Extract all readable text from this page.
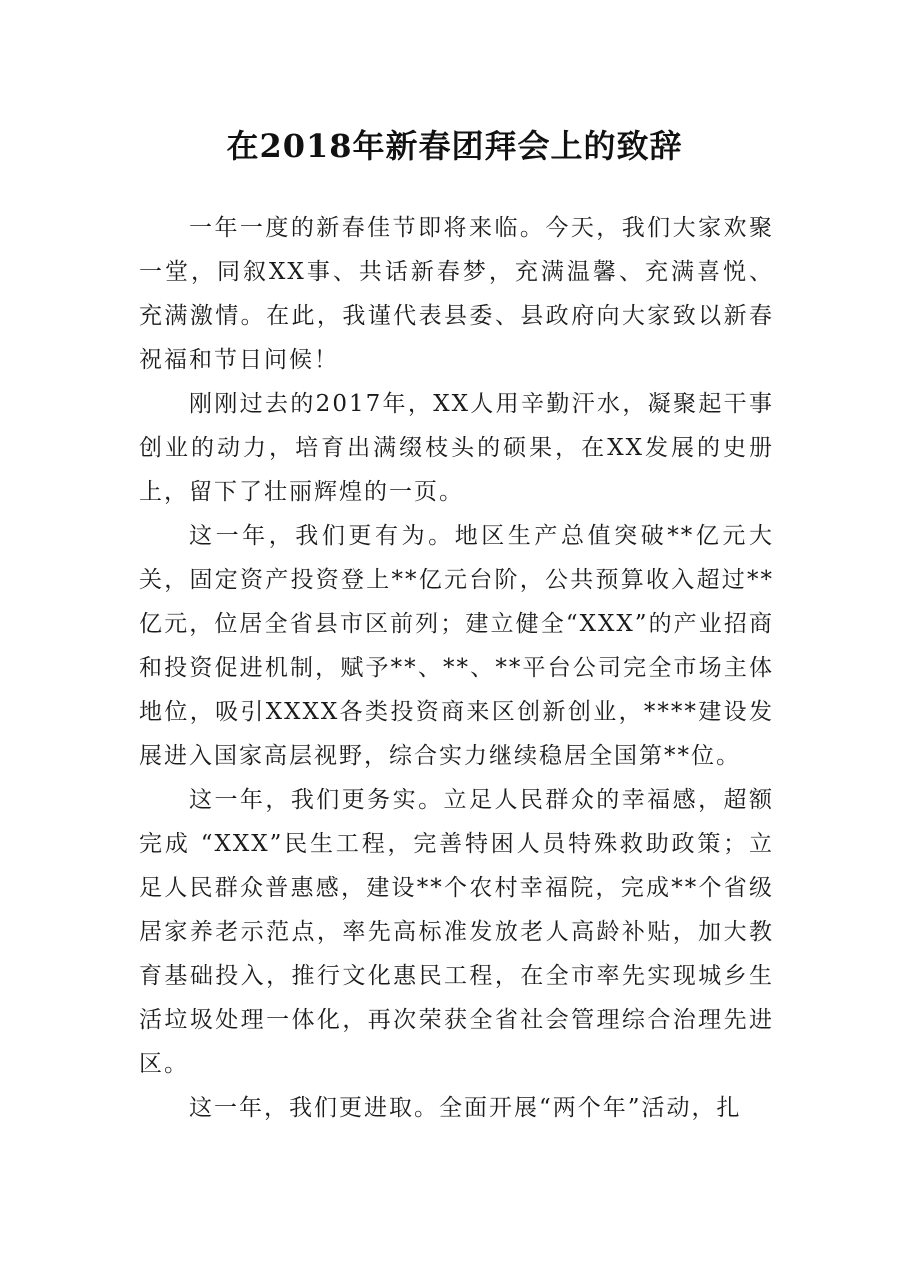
在2018年新春团拜会上的致辞

一年一度的新春佳节即将来临。今天，我们大家欢聚一堂，同叙XX事、共话新春梦，充满温馨、充满喜悦、充满激情。在此，我谨代表县委、县政府向大家致以新春祝福和节日问候！

刚刚过去的2017年，XX人用辛勤汗水，凝聚起干事创业的动力，培育出满缀枝头的硕果，在XX发展的史册上，留下了壮丽辉煌的一页。

这一年，我们更有为。地区生产总值突破**亿元大关，固定资产投资登上**亿元台阶，公共预算收入超过**亿元，位居全省县市区前列；建立健全“XXX”的产业招商和投资促进机制，赋予**、**、**平台公司完全市场主体地位，吸引XXXX各类投资商来区创新创业，****建设发展进入国家高层视野，综合实力继续稳居全国第**位。

这一年，我们更务实。立足人民群众的幸福感，超额完成 “XXX”民生工程，完善特困人员特殊救助政策；立足人民群众普惠感，建设**个农村幸福院，完成**个省级居家养老示范点，率先高标准发放老人高龄补贴，加大教育基础投入，推行文化惠民工程，在全市率先实现城乡生活垃圾处理一体化，再次荣获全省社会管理综合治理先进区。

这一年，我们更进取。全面开展“两个年”活动，扎
